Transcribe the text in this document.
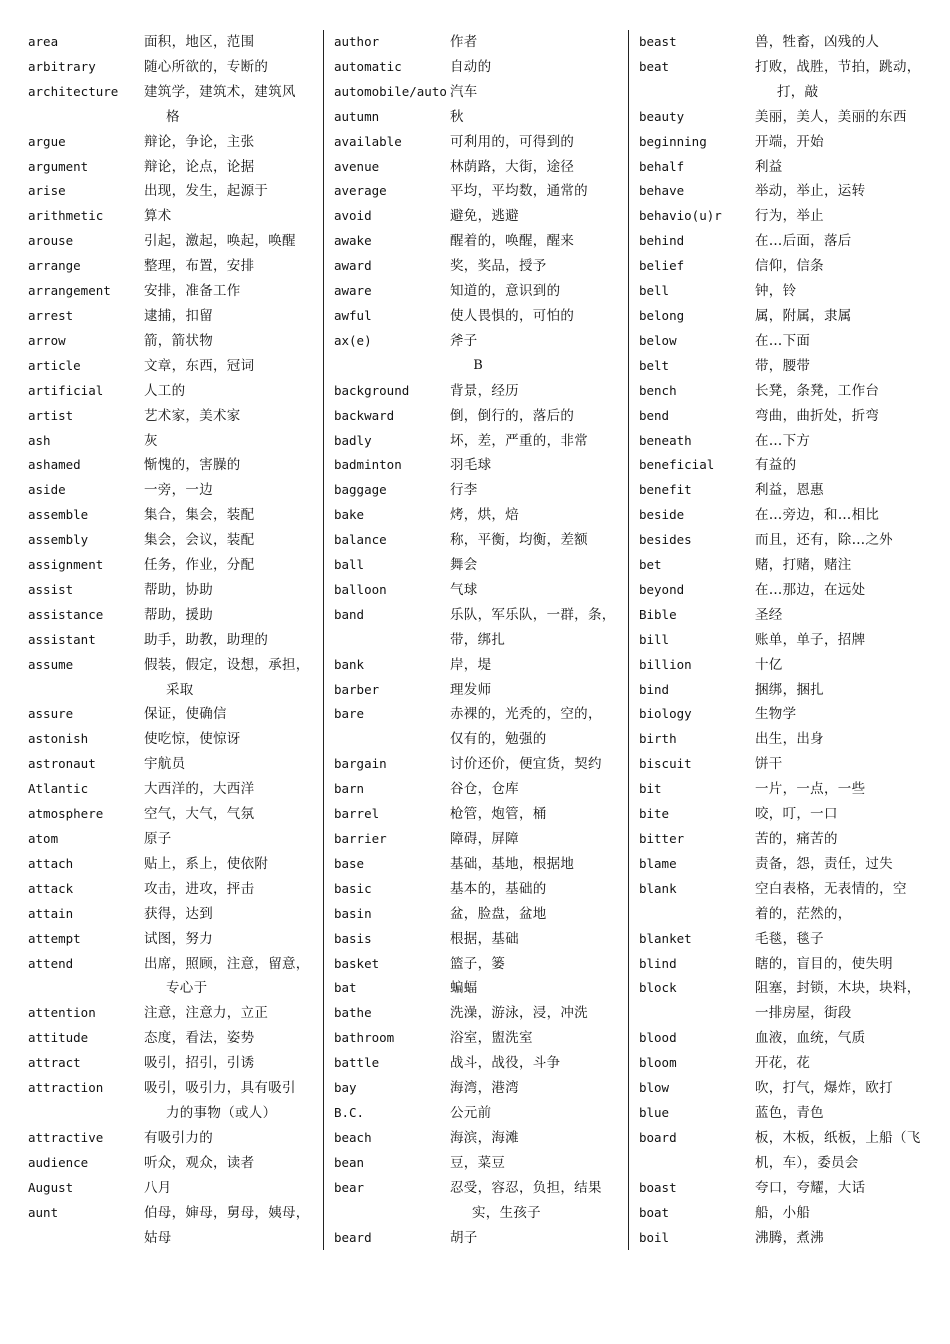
area	面积，地区，范围
arbitrary	随心所欲的，专断的
architecture	建筑学，建筑术，建筑风
格
argue	辩论，争论，主张
argument	辩论，论点，论据
arise	出现，发生，起源于
arithmetic	算术
arouse	引起，激起，唤起，唤醒
arrange	整理，布置，安排
arrangement	安排，准备工作
arrest	逮捕，扣留
arrow	箭，箭状物
article	文章，东西，冠词
artificial	人工的
artist	艺术家，美术家
ash	灰
ashamed	惭愧的，害臊的
aside	一旁，一边
assemble	集合，集会，装配
assembly	集会，会议，装配
assignment	任务，作业，分配
assist	帮助，协助
assistance	帮助，援助
assistant	助手，助教，助理的
assume	假装，假定，设想，承担，
采取
assure	保证，使确信
astonish	使吃惊，使惊讶
astronaut	宇航员
Atlantic	大西洋的，大西洋
atmosphere	空气，大气，气氛
atom	原子
attach	贴上，系上，使依附
attack	攻击，进攻，抨击
attain	获得，达到
attempt	试图，努力
attend	出席，照顾，注意，留意，
专心于
attention	注意，注意力，立正
attitude	态度，看法，姿势
attract	吸引，招引，引诱
attraction	吸引，吸引力，具有吸引
力的事物（或人）
attractive	有吸引力的
audience	听众，观众，读者
August	八月
aunt	伯母，婶母，舅母，姨母，
姑母
author	作者
automatic	自动的
automobile/auto 汽车
autumn	秋
available	可利用的，可得到的
avenue	林荫路，大街，途径
average	平均，平均数，通常的
avoid	避免，逃避
awake	醒着的，唤醒，醒来
award	奖，奖品，授予
aware	知道的，意识到的
awful	使人畏惧的，可怕的
ax(e)	斧子
B
background	背景，经历
backward	倒，倒行的，落后的
badly	坏，差，严重的，非常
badminton	羽毛球
baggage	行李
bake	烤，烘，焙
balance	称，平衡，均衡，差额
ball	舞会
balloon	气球
band	乐队，军乐队，一群，条，
带，绑扎
bank	岸，堤
barber	理发师
bare	赤裸的，光秃的，空的，
仅有的，勉强的
bargain	讨价还价，便宜货，契约
barn	谷仓，仓库
barrel	枪管，炮管，桶
barrier	障碍，屏障
base	基础，基地，根据地
basic	基本的，基础的
basin	盆，脸盘，盆地
basis	根据，基础
basket	篮子，篓
bat	蝙蝠
bathe	洗澡，游泳，浸，冲洗
bathroom	浴室，盥洗室
battle	战斗，战役，斗争
bay	海湾，港湾
B.C.	公元前
beach	海滨，海滩
bean	豆，菜豆
bear	忍受，容忍，负担，结果
实，生孩子
beard	胡子
beast	兽，牲畜，凶残的人
beat	打败，战胜，节拍，跳动，
打，敲
beauty	美丽，美人，美丽的东西
beginning	开端，开始
behalf	利益
behave	举动，举止，运转
behavio(u)r	行为，举止
behind	在…后面，落后
belief	信仰，信条
bell	钟，铃
belong	属，附属，隶属
below	在…下面
belt	带，腰带
bench	长凳，条凳，工作台
bend	弯曲，曲折处，折弯
beneath	在…下方
beneficial	有益的
benefit	利益，恩惠
beside	在…旁边，和…相比
besides	而且，还有，除…之外
bet	赌，打赌，赌注
beyond	在…那边，在远处
Bible	圣经
bill	账单，单子，招牌
billion	十亿
bind	捆绑，捆扎
biology	生物学
birth	出生，出身
biscuit	饼干
bit	一片，一点，一些
bite	咬，叮，一口
bitter	苦的，痛苦的
blame	责备，怨，责任，过失
blank	空白表格，无表情的，空
着的，茫然的，
blanket	毛毯，毯子
blind	瞎的，盲目的，使失明
block	阻塞，封锁，木块，块料，
一排房屋，街段
blood	血液，血统，气质
bloom	开花，花
blow	吹，打气，爆炸，欧打
blue	蓝色，青色
board	板，木板，纸板，上船（飞
机，车），委员会
boast	夸口，夸耀，大话
boat	船，小船
boil	沸腾，煮沸
